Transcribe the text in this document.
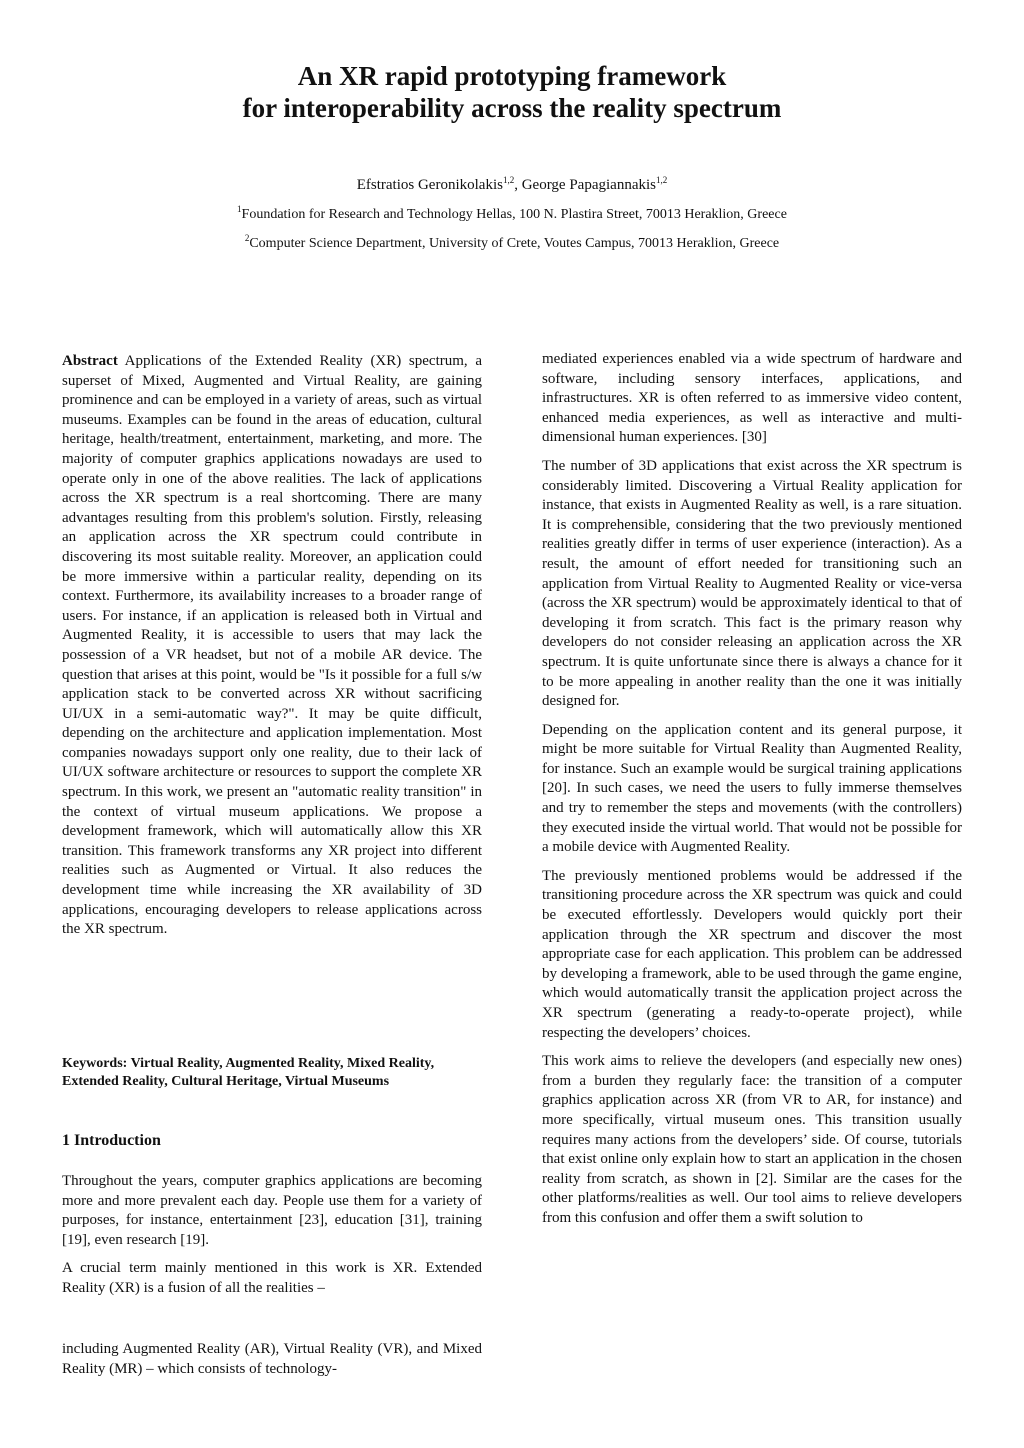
An XR rapid prototyping framework
for interoperability across the reality spectrum
Efstratios Geronikolakis$^{1,2}$, George Papagiannakis$^{1,2}$
$^1$Foundation for Research and Technology Hellas, 100 N. Plastira Street, 70013 Heraklion, Greece
$^2$Computer Science Department, University of Crete, Voutes Campus, 70013 Heraklion, Greece

Abstract Applications of the Extended Reality (XR) spectrum, a superset of Mixed, Augmented and Virtual Reality, are gaining prominence and can be employed in a variety of areas, such as virtual museums. Examples can be found in the areas of education, cultural heritage, health/treatment, entertainment, marketing, and more. The majority of computer graphics applications nowadays are used to operate only in one of the above realities. The lack of applications across the XR spectrum is a real shortcoming. There are many advantages resulting from this problem's solution. Firstly, releasing an application across the XR spectrum could contribute in discovering its most suitable reality. Moreover, an application could be more immersive within a particular reality, depending on its context. Furthermore, its availability increases to a broader range of users. For instance, if an application is released both in Virtual and Augmented Reality, it is accessible to users that may lack the possession of a VR headset, but not of a mobile AR device. The question that arises at this point, would be "Is it possible for a full s/w application stack to be converted across XR without sacrificing UI/UX in a semi-automatic way?". It may be quite difficult, depending on the architecture and application implementation. Most companies nowadays support only one reality, due to their lack of UI/UX software architecture or resources to support the complete XR spectrum. In this work, we present an "automatic reality transition" in the context of virtual museum applications. We propose a development framework, which will automatically allow this XR transition. This framework transforms any XR project into different realities such as Augmented or Virtual. It also reduces the development time while increasing the XR availability of 3D applications, encouraging developers to release applications across the XR spectrum.

Keywords: Virtual Reality, Augmented Reality, Mixed Reality, Extended Reality, Cultural Heritage, Virtual Museums
1 Introduction

Throughout the years, computer graphics applications are becoming more and more prevalent each day. People use them for a variety of purposes, for instance, entertainment [23], education [31], training [19], even research [19].

A crucial term mainly mentioned in this work is XR. Extended Reality (XR) is a fusion of all the realities –

including Augmented Reality (AR), Virtual Reality (VR), and Mixed Reality (MR) – which consists of technology-

mediated experiences enabled via a wide spectrum of hardware and software, including sensory interfaces, applications, and infrastructures. XR is often referred to as immersive video content, enhanced media experiences, as well as interactive and multi-dimensional human experiences. [30]

The number of 3D applications that exist across the XR spectrum is considerably limited. Discovering a Virtual Reality application for instance, that exists in Augmented Reality as well, is a rare situation. It is comprehensible, considering that the two previously mentioned realities greatly differ in terms of user experience (interaction). As a result, the amount of effort needed for transitioning such an application from Virtual Reality to Augmented Reality or vice-versa (across the XR spectrum) would be approximately identical to that of developing it from scratch. This fact is the primary reason why developers do not consider releasing an application across the XR spectrum. It is quite unfortunate since there is always a chance for it to be more appealing in another reality than the one it was initially designed for.

Depending on the application content and its general purpose, it might be more suitable for Virtual Reality than Augmented Reality, for instance. Such an example would be surgical training applications [20]. In such cases, we need the users to fully immerse themselves and try to remember the steps and movements (with the controllers) they executed inside the virtual world. That would not be possible for a mobile device with Augmented Reality.

The previously mentioned problems would be addressed if the transitioning procedure across the XR spectrum was quick and could be executed effortlessly. Developers would quickly port their application through the XR spectrum and discover the most appropriate case for each application. This problem can be addressed by developing a framework, able to be used through the game engine, which would automatically transit the application project across the XR spectrum (generating a ready-to-operate project), while respecting the developers’ choices.

This work aims to relieve the developers (and especially new ones) from a burden they regularly face: the transition of a computer graphics application across XR (from VR to AR, for instance) and more specifically, virtual museum ones. This transition usually requires many actions from the developers’ side. Of course, tutorials that exist online only explain how to start an application in the chosen reality from scratch, as shown in [2]. Similar are the cases for the other platforms/realities as well. Our tool aims to relieve developers from this confusion and offer them a swift solution to
